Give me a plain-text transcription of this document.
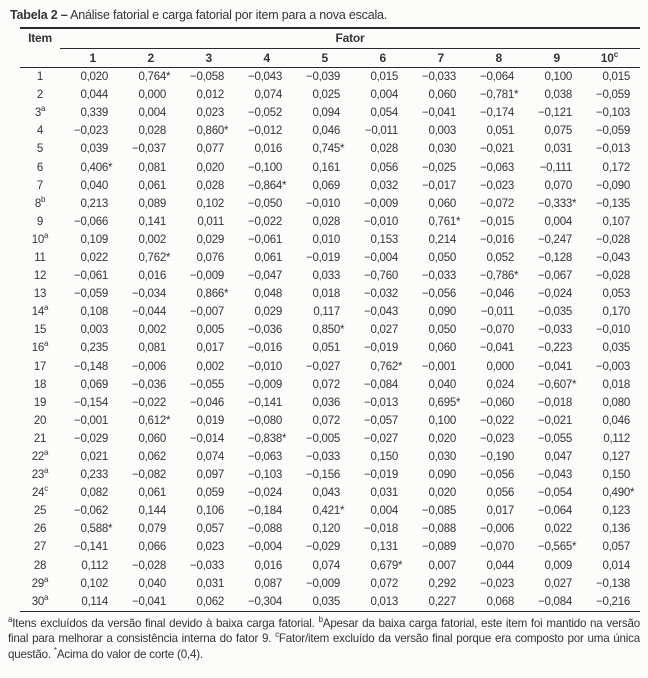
Tabela 2 – Análise fatorial e carga fatorial por item para a nova escala.
Item	Fator									
	1	2	3	4	5	6	7	8	9	10$^c$
1	0,020	0,764*	−0,058	−0,043	−0,039	0,015	−0,033	−0,064	0,100	0,015
2	0,044	0,000	0,012	0,074	0,025	0,004	0,060	−0,781*	0,038	−0,059
3$^a$	0,339	0,004	0,023	−0,052	0,094	0,054	−0,041	−0,174	−0,121	−0,103
4	−0,023	0,028	0,860*	−0,012	0,046	−0,011	0,003	0,051	0,075	−0,059
5	0,039	−0,037	0,077	0,016	0,745*	0,028	0,030	−0,021	0,031	−0,013
6	0,406*	0,081	0,020	−0,100	0,161	0,056	−0,025	−0,063	−0,111	0,172
7	0,040	0,061	0,028	−0,864*	0,069	0,032	−0,017	−0,023	0,070	−0,090
8$^b$	0,213	0,089	0,102	−0,050	−0,010	−0,009	0,060	−0,072	−0,333*	−0,135
9	−0,066	0,141	0,011	−0,022	0,028	−0,010	0,761*	−0,015	0,004	0,107
10$^a$	0,109	0,002	0,029	−0,061	0,010	0,153	0,214	−0,016	−0,247	−0,028
11	0,022	0,762*	0,076	0,061	−0,019	−0,004	0,050	0,052	−0,128	−0,043
12	−0,061	0,016	−0,009	−0,047	0,033	−0,760	−0,033	−0,786*	−0,067	−0,028
13	−0,059	−0,034	0,866*	0,048	0,018	−0,032	−0,056	−0,046	−0,024	0,053
14$^a$	0,108	−0,044	−0,007	0,029	0,117	−0,043	0,090	−0,011	−0,035	0,170
15	0,003	0,002	0,005	−0,036	0,850*	0,027	0,050	−0,070	−0,033	−0,010
16$^a$	0,235	0,081	0,017	−0,016	0,051	−0,019	0,060	−0,041	−0,223	0,035
17	−0,148	−0,006	0,002	−0,010	−0,027	0,762*	−0,001	0,000	−0,041	−0,003
18	0,069	−0,036	−0,055	−0,009	0,072	−0,084	0,040	0,024	−0,607*	0,018
19	−0,154	−0,022	−0,046	−0,141	0,036	−0,013	0,695*	−0,060	−0,018	0,080
20	−0,001	0,612*	0,019	−0,080	0,072	−0,057	0,100	−0,022	−0,021	0,046
21	−0,029	0,060	−0,014	−0,838*	−0,005	−0,027	0,020	−0,023	−0,055	0,112
22$^a$	0,021	0,062	0,074	−0,063	−0,033	0,150	0,030	−0,190	0,047	0,127
23$^a$	0,233	−0,082	0,097	−0,103	−0,156	−0,019	0,090	−0,056	−0,043	0,150
24$^c$	0,082	0,061	0,059	−0,024	0,043	0,031	0,020	0,056	−0,054	0,490*
25	−0,062	0,144	0,106	−0,184	0,421*	0,004	−0,085	0,017	−0,064	0,123
26	0,588*	0,079	0,057	−0,088	0,120	−0,018	−0,088	−0,006	0,022	0,136
27	−0,141	0,066	0,023	−0,004	−0,029	0,131	−0,089	−0,070	−0,565*	0,057
28	0,112	−0,028	−0,033	0,016	0,074	0,679*	0,007	0,044	0,009	0,014
29$^a$	0,102	0,040	0,031	0,087	−0,009	0,072	0,292	−0,023	0,027	−0,138
30$^a$	0,114	−0,041	0,062	−0,304	0,035	0,013	0,227	0,068	−0,084	−0,216

$^a$Itens excluídos da versão final devido à baixa carga fatorial. $^b$Apesar da baixa carga fatorial, este item foi mantido na versão final para melhorar a consistência interna do fator 9. $^c$Fator/item excluído da versão final porque era composto por uma única questão. *Acima do valor de corte (0,4).
